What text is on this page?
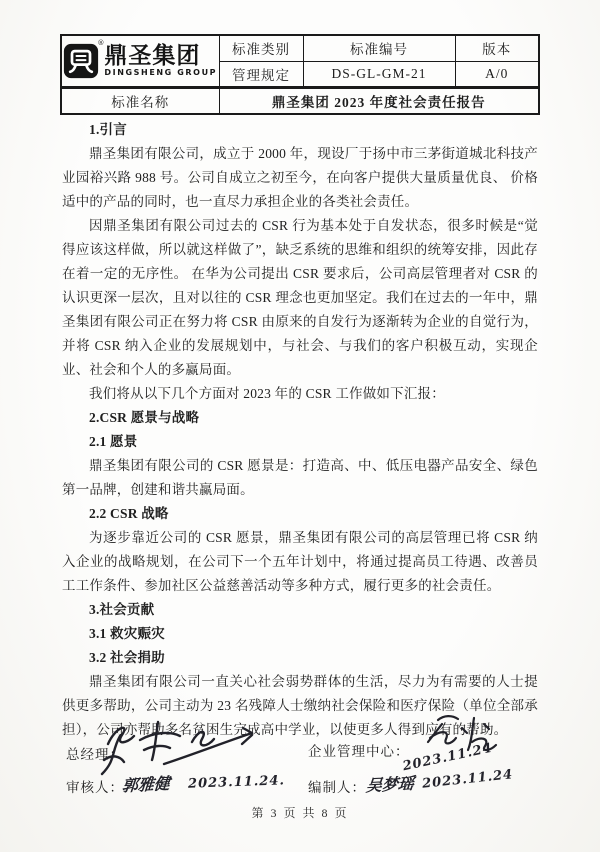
®
鼎圣集团
DINGSHENG GROUP	标准类别	标准编号	版本
	管理规定	DS-GL-GM-21	A/0
标准名称	鼎圣集团 2023 年度社会责任报告		

1.引言

鼎圣集团有限公司，成立于 2000 年，现设厂于扬中市三茅街道城北科技产业园裕兴路 988 号。公司自成立之初至今，在向客户提供大量质量优良、 价格适中的产品的同时，也一直尽力承担企业的各类社会责任。

因鼎圣集团有限公司过去的 CSR 行为基本处于自发状态，很多时候是“觉得应该这样做，所以就这样做了”，缺乏系统的思维和组织的统筹安排，因此存在着一定的无序性。 在华为公司提出 CSR 要求后，公司高层管理者对 CSR 的认识更深一层次，且对以往的 CSR 理念也更加坚定。我们在过去的一年中，鼎圣集团有限公司正在努力将 CSR 由原来的自发行为逐渐转为企业的自觉行为，并将 CSR 纳入企业的发展规划中，与社会、与我们的客户积极互动，实现企业、社会和个人的多赢局面。

我们将从以下几个方面对 2023 年的 CSR 工作做如下汇报：

2.CSR 愿景与战略

2.1 愿景

鼎圣集团有限公司的 CSR 愿景是：打造高、中、低压电器产品安全、绿色第一品牌，创建和谐共赢局面。

2.2 CSR 战略

为逐步靠近公司的 CSR 愿景，鼎圣集团有限公司的高层管理已将 CSR 纳入企业的战略规划，在公司下一个五年计划中，将通过提高员工待遇、改善员工工作条件、参加社区公益慈善活动等多种方式，履行更多的社会责任。

3.社会贡献

3.1 救灾赈灾

3.2 社会捐助

鼎圣集团有限公司一直关心社会弱势群体的生活，尽力为有需要的人士提供更多帮助，公司主动为 23 名残障人士缴纳社会保险和医疗保险（单位全部承担），公司亦帮助多名贫困生完成高中学业，以使更多人得到应有的帮助。

总经理：
审核人：
郭雅健 2023.11.24.
企业管理中心：
2023.11.24
编制人： 吴梦瑶 2023.11.24
第 3 页 共 8 页
